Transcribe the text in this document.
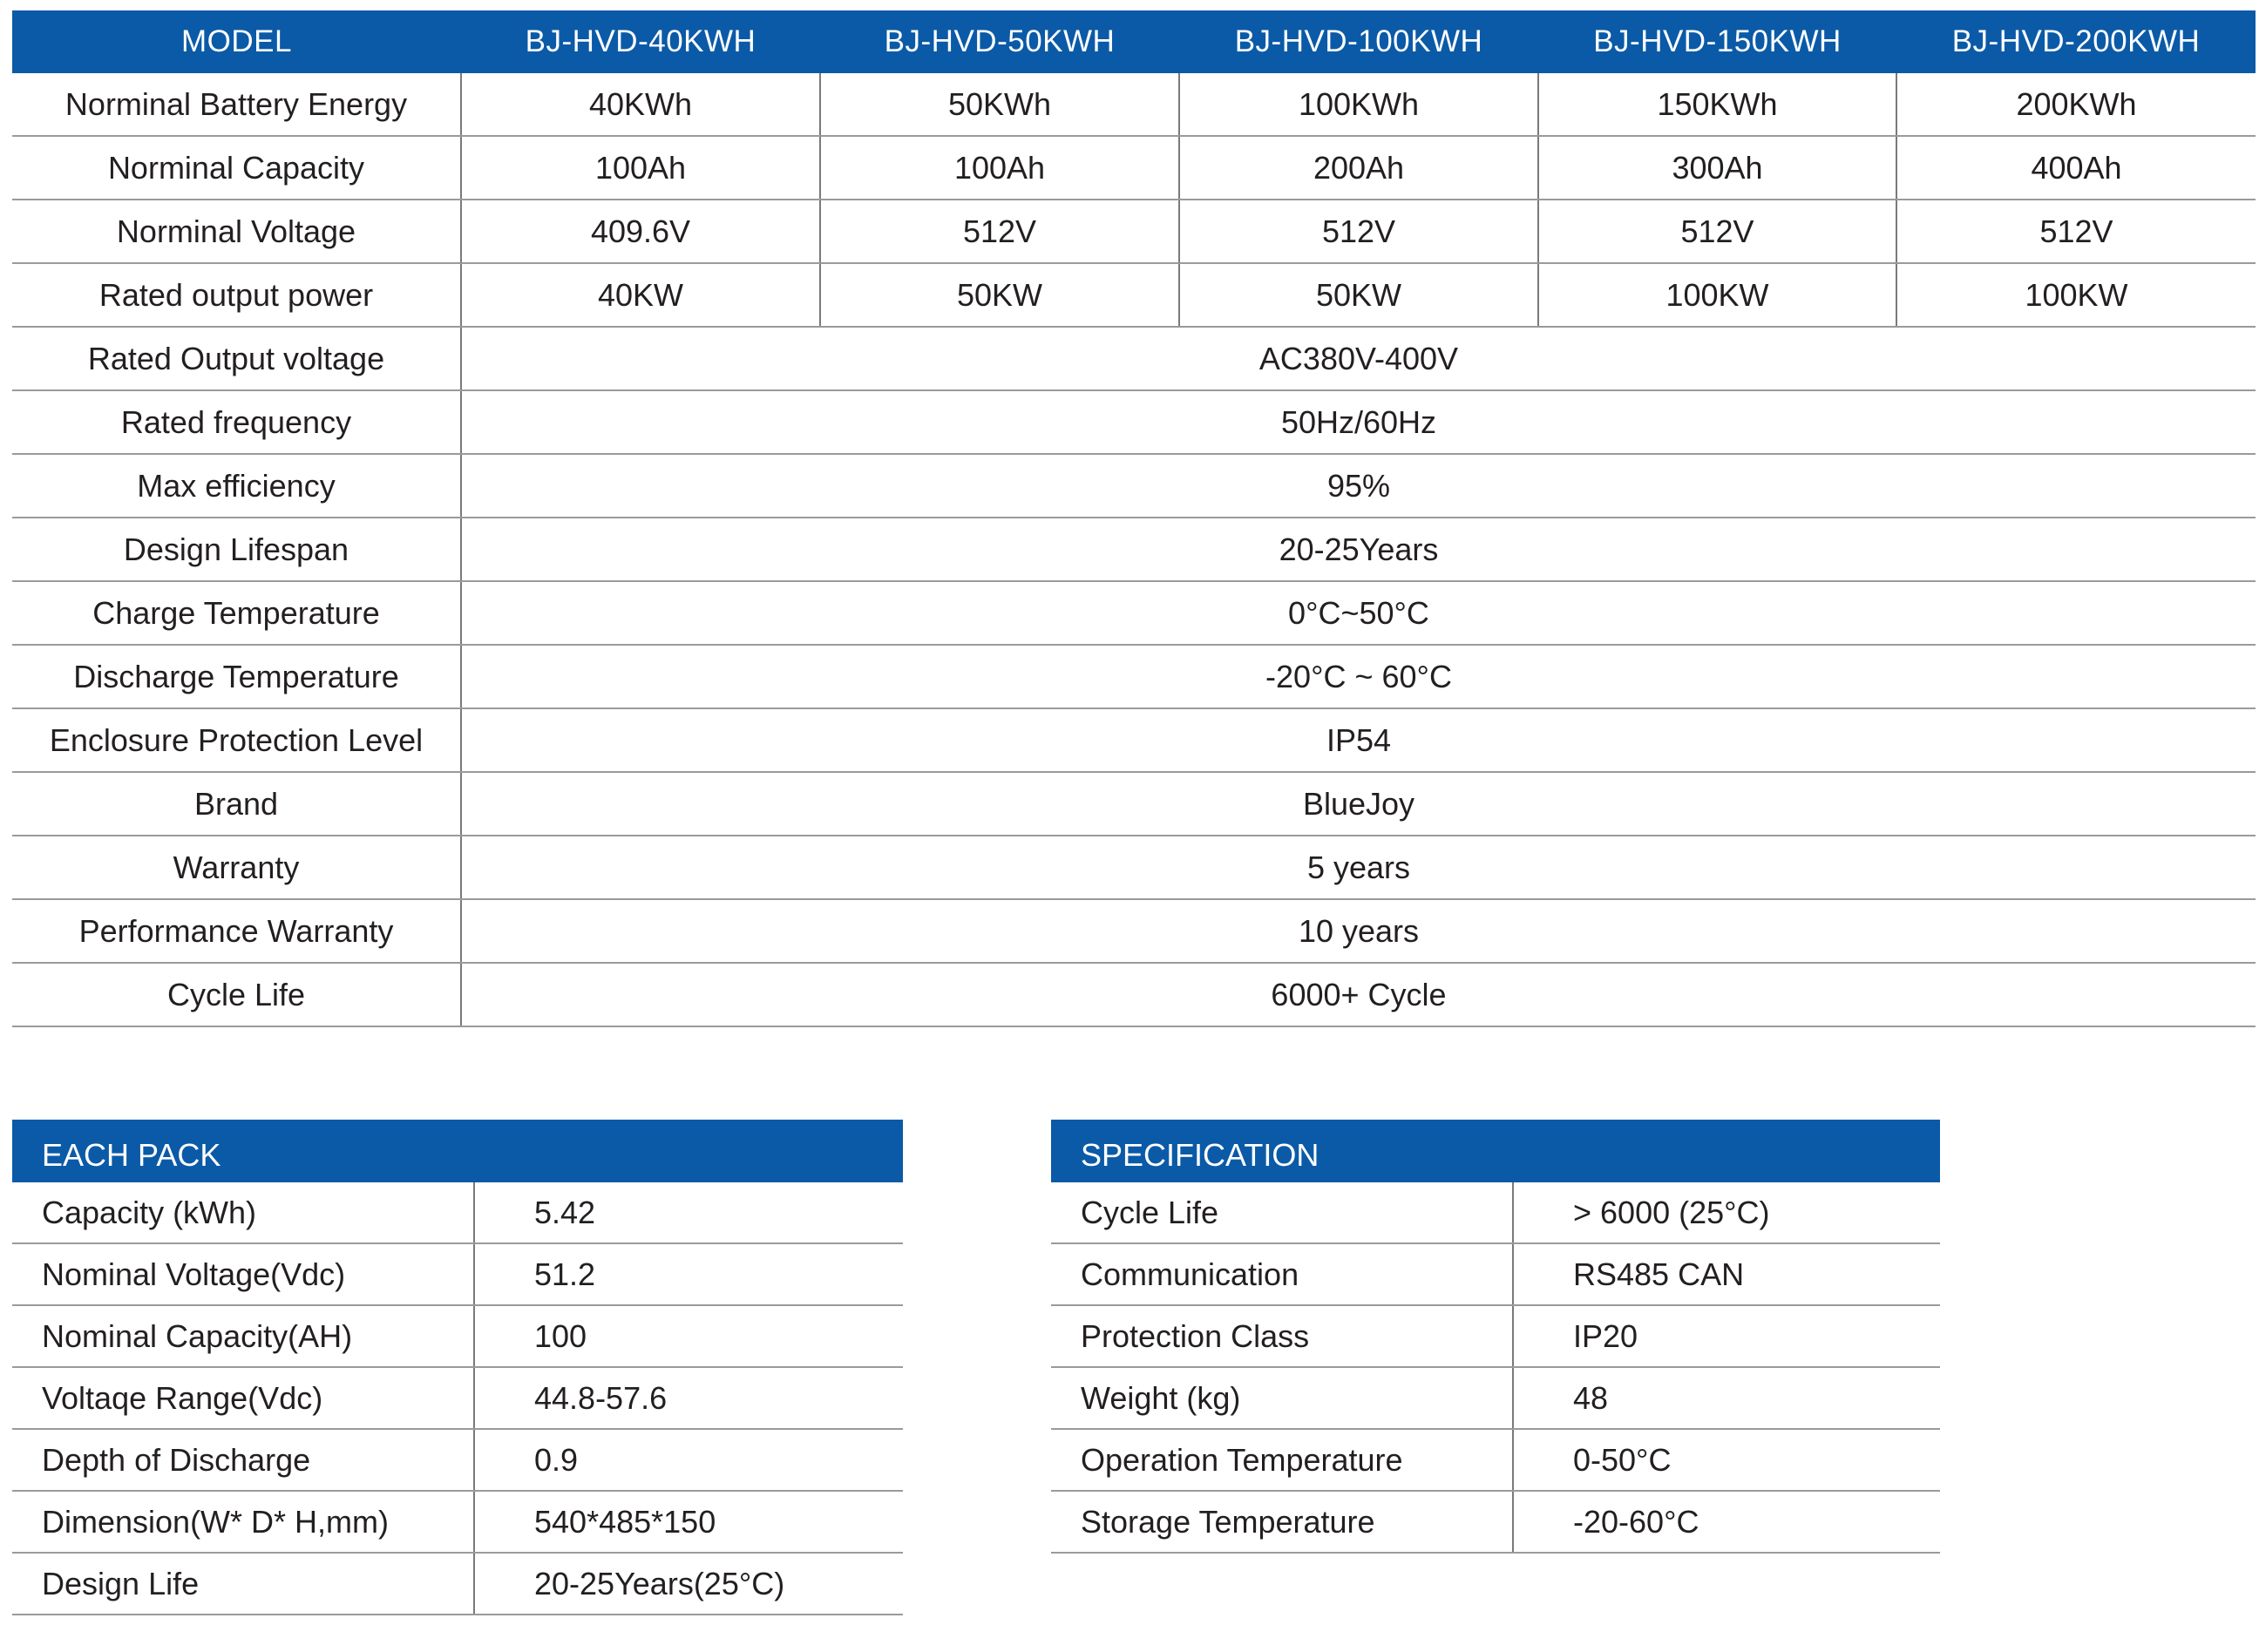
MODEL	BJ-HVD-40KWH	BJ-HVD-50KWH	BJ-HVD-100KWH	BJ-HVD-150KWH	BJ-HVD-200KWH
Norminal Battery Energy	40KWh	50KWh	100KWh	150KWh	200KWh
Norminal Capacity	100Ah	100Ah	200Ah	300Ah	400Ah
Norminal Voltage	409.6V	512V	512V	512V	512V
Rated output power	40KW	50KW	50KW	100KW	100KW
Rated Output voltage	AC380V-400V				
Rated frequency	50Hz/60Hz				
Max efficiency	95%				
Design Lifespan	20-25Years				
Charge Temperature	0°C~50°C				
Discharge Temperature	-20°C ~ 60°C				
Enclosure Protection Level	IP54				
Brand	BlueJoy				
Warranty	5 years				
Performance Warranty	10 years				
Cycle Life	6000+ Cycle				
EACH PACK
Capacity (kWh)	5.42
Nominal Voltage(Vdc)	51.2
Nominal Capacity(AH)	100
Voltaqe Range(Vdc)	44.8-57.6
Depth of Discharge	0.9
Dimension(W* D* H,mm)	540*485*150
Design Life	20-25Years(25°C)
SPECIFICATION
Cycle Life	> 6000 (25°C)
Communication	RS485 CAN
Protection Class	IP20
Weight (kg)	48
Operation Temperature	0-50°C
Storage Temperature	-20-60°C
